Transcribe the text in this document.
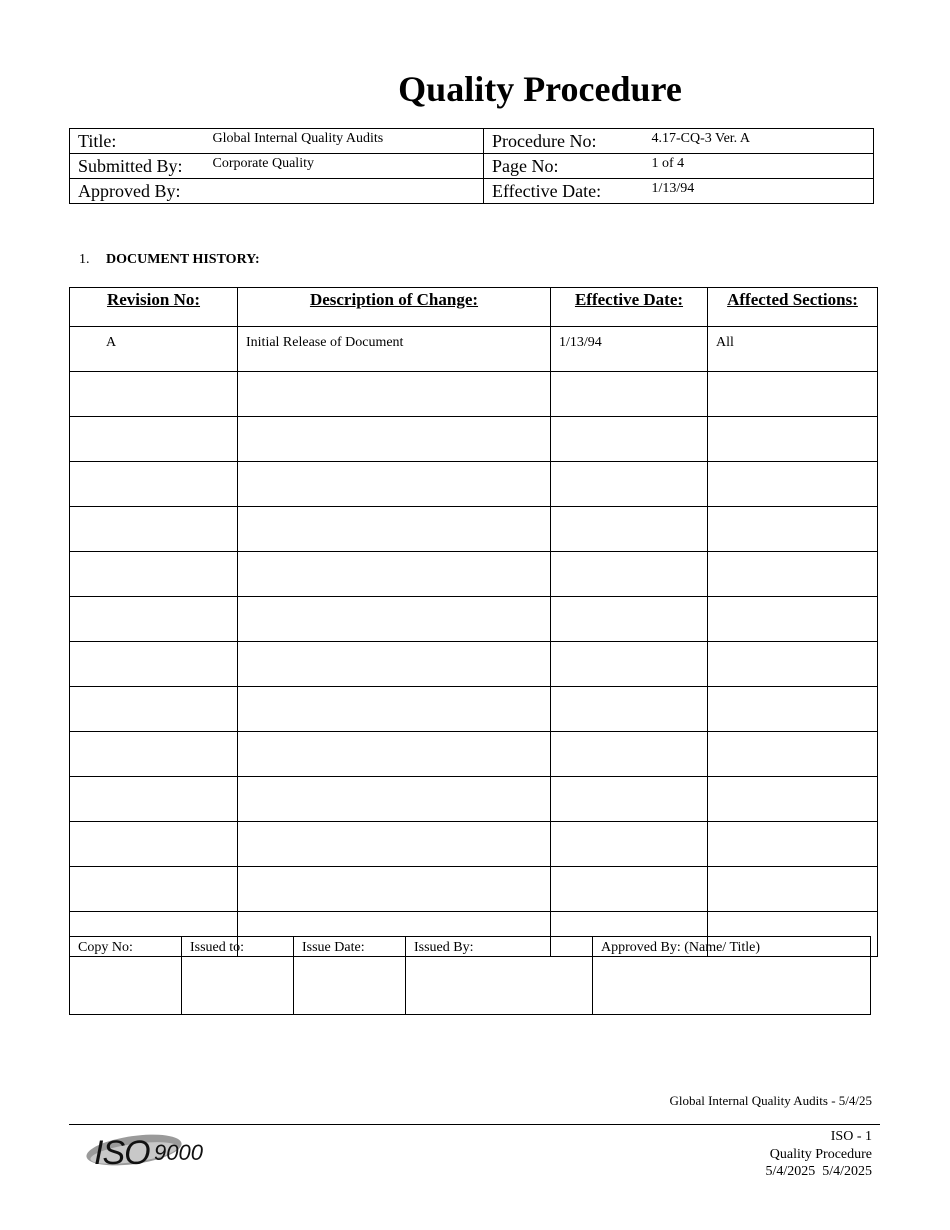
Quality Procedure
Title:	Global Internal Quality Audits	Procedure No:	4.17-CQ-3 Ver. A
Submitted By:	Corporate Quality	Page No:	1 of 4
Approved By:		Effective Date:	1/13/94
1. DOCUMENT HISTORY:
Revision No:	Description of Change:	Effective Date:	Affected Sections:
A	Initial Release of Document	1/13/94	All

Copy No:	Issued to:	Issue Date:	Issued By:	Approved By: (Name/ Title)
Global Internal Quality Audits - 5/4/25
ISO 9000
ISO - 1
Quality Procedure
5/4/2025  5/4/2025
